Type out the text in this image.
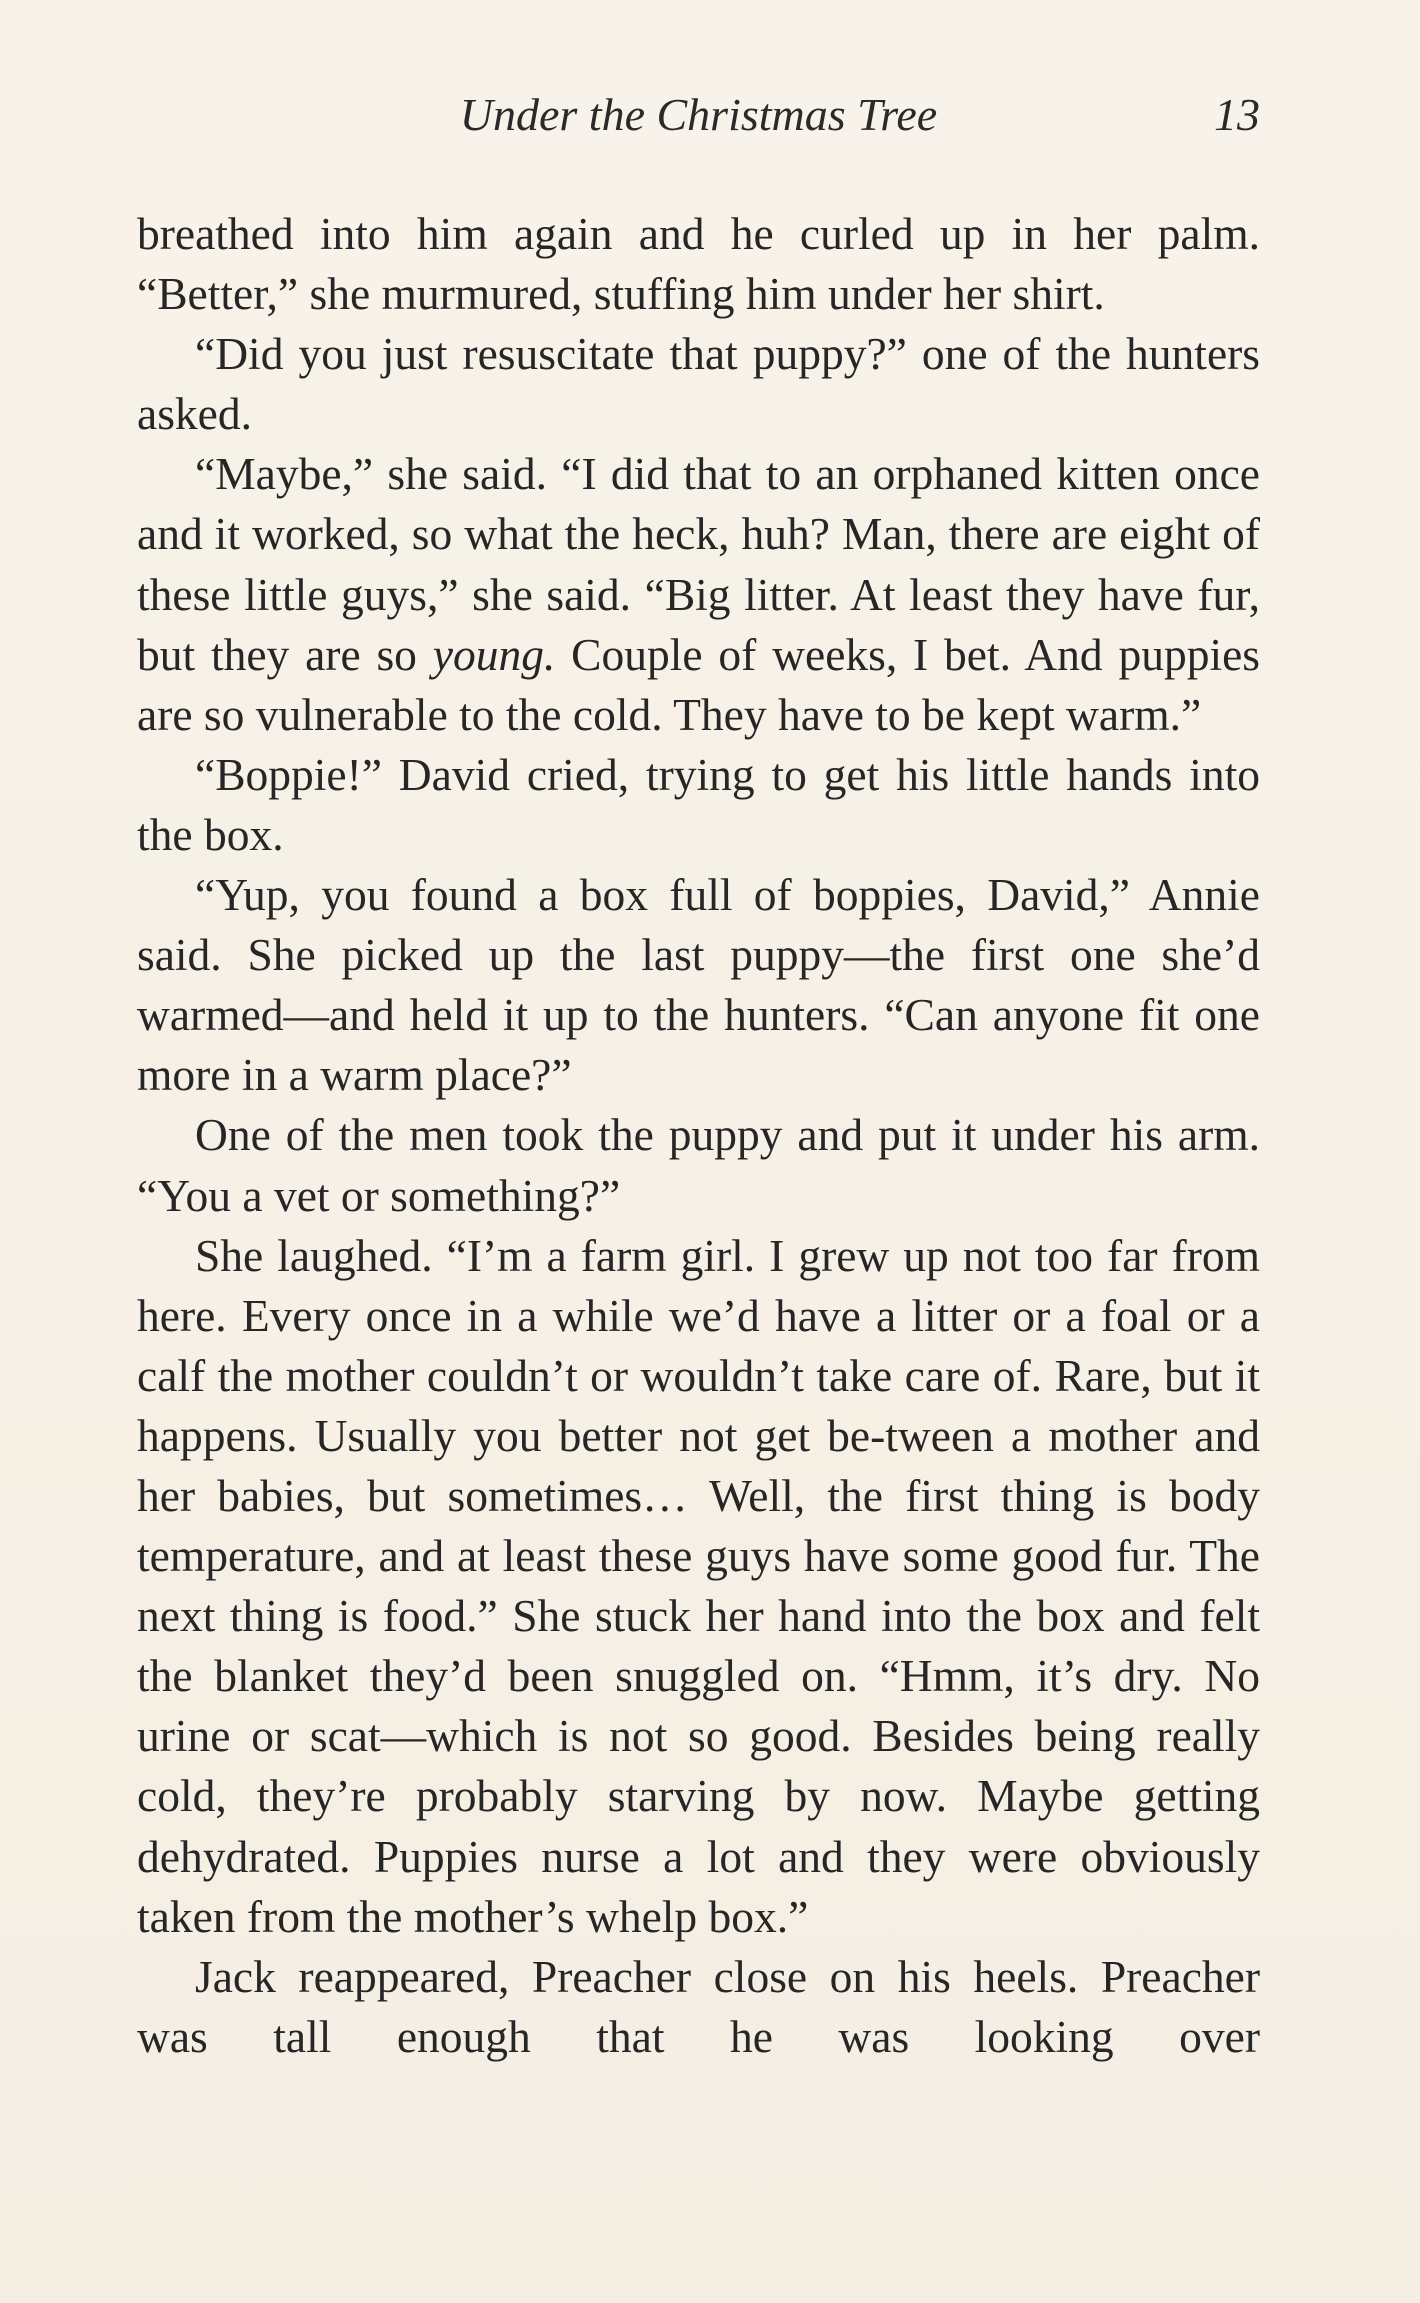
Under the Christmas Tree	13

breathed into him again and he curled up in her palm. “Better,” she murmured, stuffing him under her shirt.

“Did you just resuscitate that puppy?” one of the hunters asked.

“Maybe,” she said. “I did that to an orphaned kitten once and it worked, so what the heck, huh? Man, there are eight of these little guys,” she said. “Big litter. At least they have fur, but they are so young. Couple of weeks, I bet. And puppies are so vulnerable to the cold. They have to be kept warm.”

“Boppie!” David cried, trying to get his little hands into the box.

“Yup, you found a box full of boppies, David,” Annie said. She picked up the last puppy—the first one she’d warmed—and held it up to the hunters. “Can anyone fit one more in a warm place?”

One of the men took the puppy and put it under his arm. “You a vet or something?”

She laughed. “I’m a farm girl. I grew up not too far from here. Every once in a while we’d have a litter or a foal or a calf the mother couldn’t or wouldn’t take care of. Rare, but it happens. Usually you better not get be-tween a mother and her babies, but sometimes… Well, the first thing is body temperature, and at least these guys have some good fur. The next thing is food.” She stuck her hand into the box and felt the blanket they’d been snuggled on. “Hmm, it’s dry. No urine or scat—which is not so good. Besides being really cold, they’re probably starving by now. Maybe getting dehydrated. Puppies nurse a lot and they were obviously taken from the mother’s whelp box.”

Jack reappeared, Preacher close on his heels. Preacher was tall enough that he was looking over
